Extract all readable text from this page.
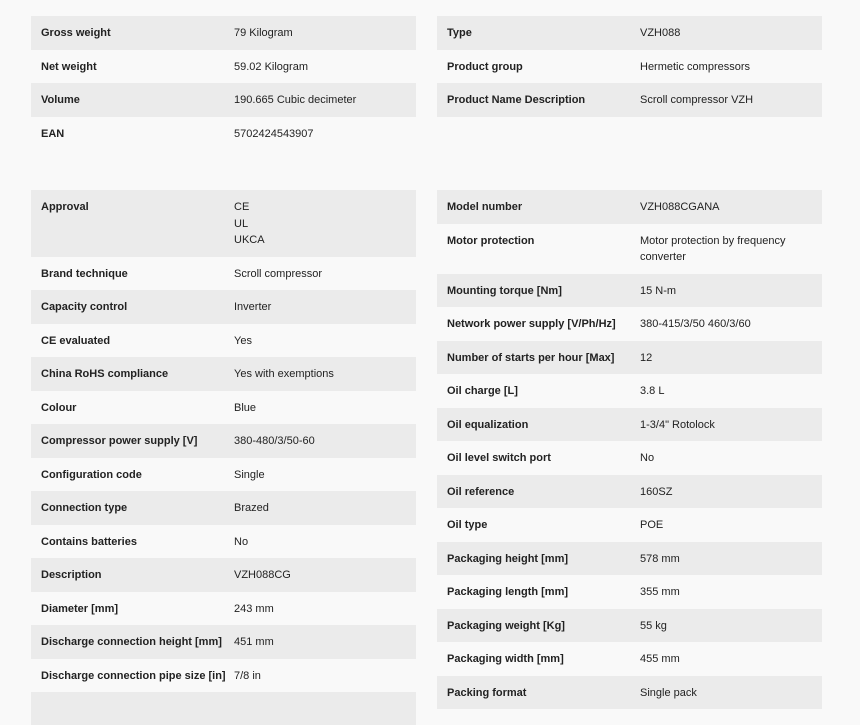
Gross weight	79 Kilogram
Net weight	59.02 Kilogram
Volume	190.665 Cubic decimeter
EAN	5702424543907
Type	VZH088
Product group	Hermetic compressors
Product Name Description	Scroll compressor VZH
Approval	CE
UL
UKCA
Brand technique	Scroll compressor
Capacity control	Inverter
CE evaluated	Yes
China RoHS compliance	Yes with exemptions
Colour	Blue
Compressor power supply [V]	380-480/3/50-60
Configuration code	Single
Connection type	Brazed
Contains batteries	No
Description	VZH088CG
Diameter [mm]	243 mm
Discharge connection height [mm]	451 mm
Discharge connection pipe size [in] 7/8 in
Model number	VZH088CGANA
Motor protection	Motor protection by frequency converter
Mounting torque [Nm]	15 N-m
Network power supply [V/Ph/Hz]	380-415/3/50 460/3/60
Number of starts per hour [Max]	12
Oil charge [L]	3.8 L
Oil equalization	1-3/4" Rotolock
Oil level switch port	No
Oil reference	160SZ
Oil type	POE
Packaging height [mm]	578 mm
Packaging length [mm]	355 mm
Packaging weight [Kg]	55 kg
Packaging width [mm]	455 mm
Packing format	Single pack
